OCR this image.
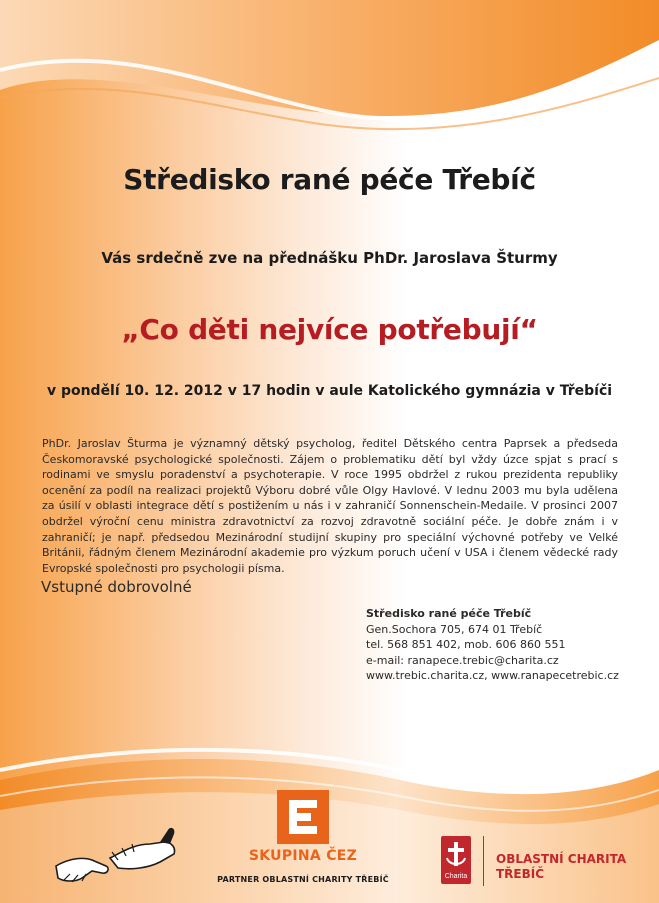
Středisko rané péče Třebíč
Vás srdečně zve na přednášku PhDr. Jaroslava Šturmy
„Co děti nejvíce potřebují“
v pondělí 10. 12. 2012 v 17 hodin v aule Katolického gymnázia v Třebíči
PhDr. Jaroslav Šturma je významný dětský psycholog, ředitel Dětského centra Paprsek a předseda Českomoravské psychologické společnosti. Zájem o problematiku dětí byl vždy úzce spjat s prací s rodinami ve smyslu poradenství a psychoterapie. V roce 1995 obdržel z rukou prezidenta republiky ocenění za podíl na realizaci projektů Výboru dobré vůle Olgy Havlové. V lednu 2003 mu byla udělena za úsilí v oblasti integrace dětí s postižením u nás i v zahraničí Sonnenschein-Medaile. V prosinci 2007 obdržel výroční cenu ministra zdravotnictví za rozvoj zdravotně sociální péče. Je dobře znám i v zahraničí; je např. předsedou Mezinárodní studijní skupiny pro speciální výchovné potřeby ve Velké Británii, řádným členem Mezinárodní akademie pro výzkum poruch učení v USA i členem vědecké rady Evropské společnosti pro psychologii písma.
Vstupné dobrovolné
Středisko rané péče Třebíč
Gen.Sochora 705, 674 01 Třebíč
tel. 568 851 402, mob. 606 860 551
e-mail: ranapece.trebic@charita.cz
www.trebic.charita.cz, www.ranapecetrebic.cz
SKUPINA ČEZ
PARTNER OBLASTNÍ CHARITY TŘEBÍČ	Charita
OBLASTNÍ CHARITA
TŘEBÍČ
